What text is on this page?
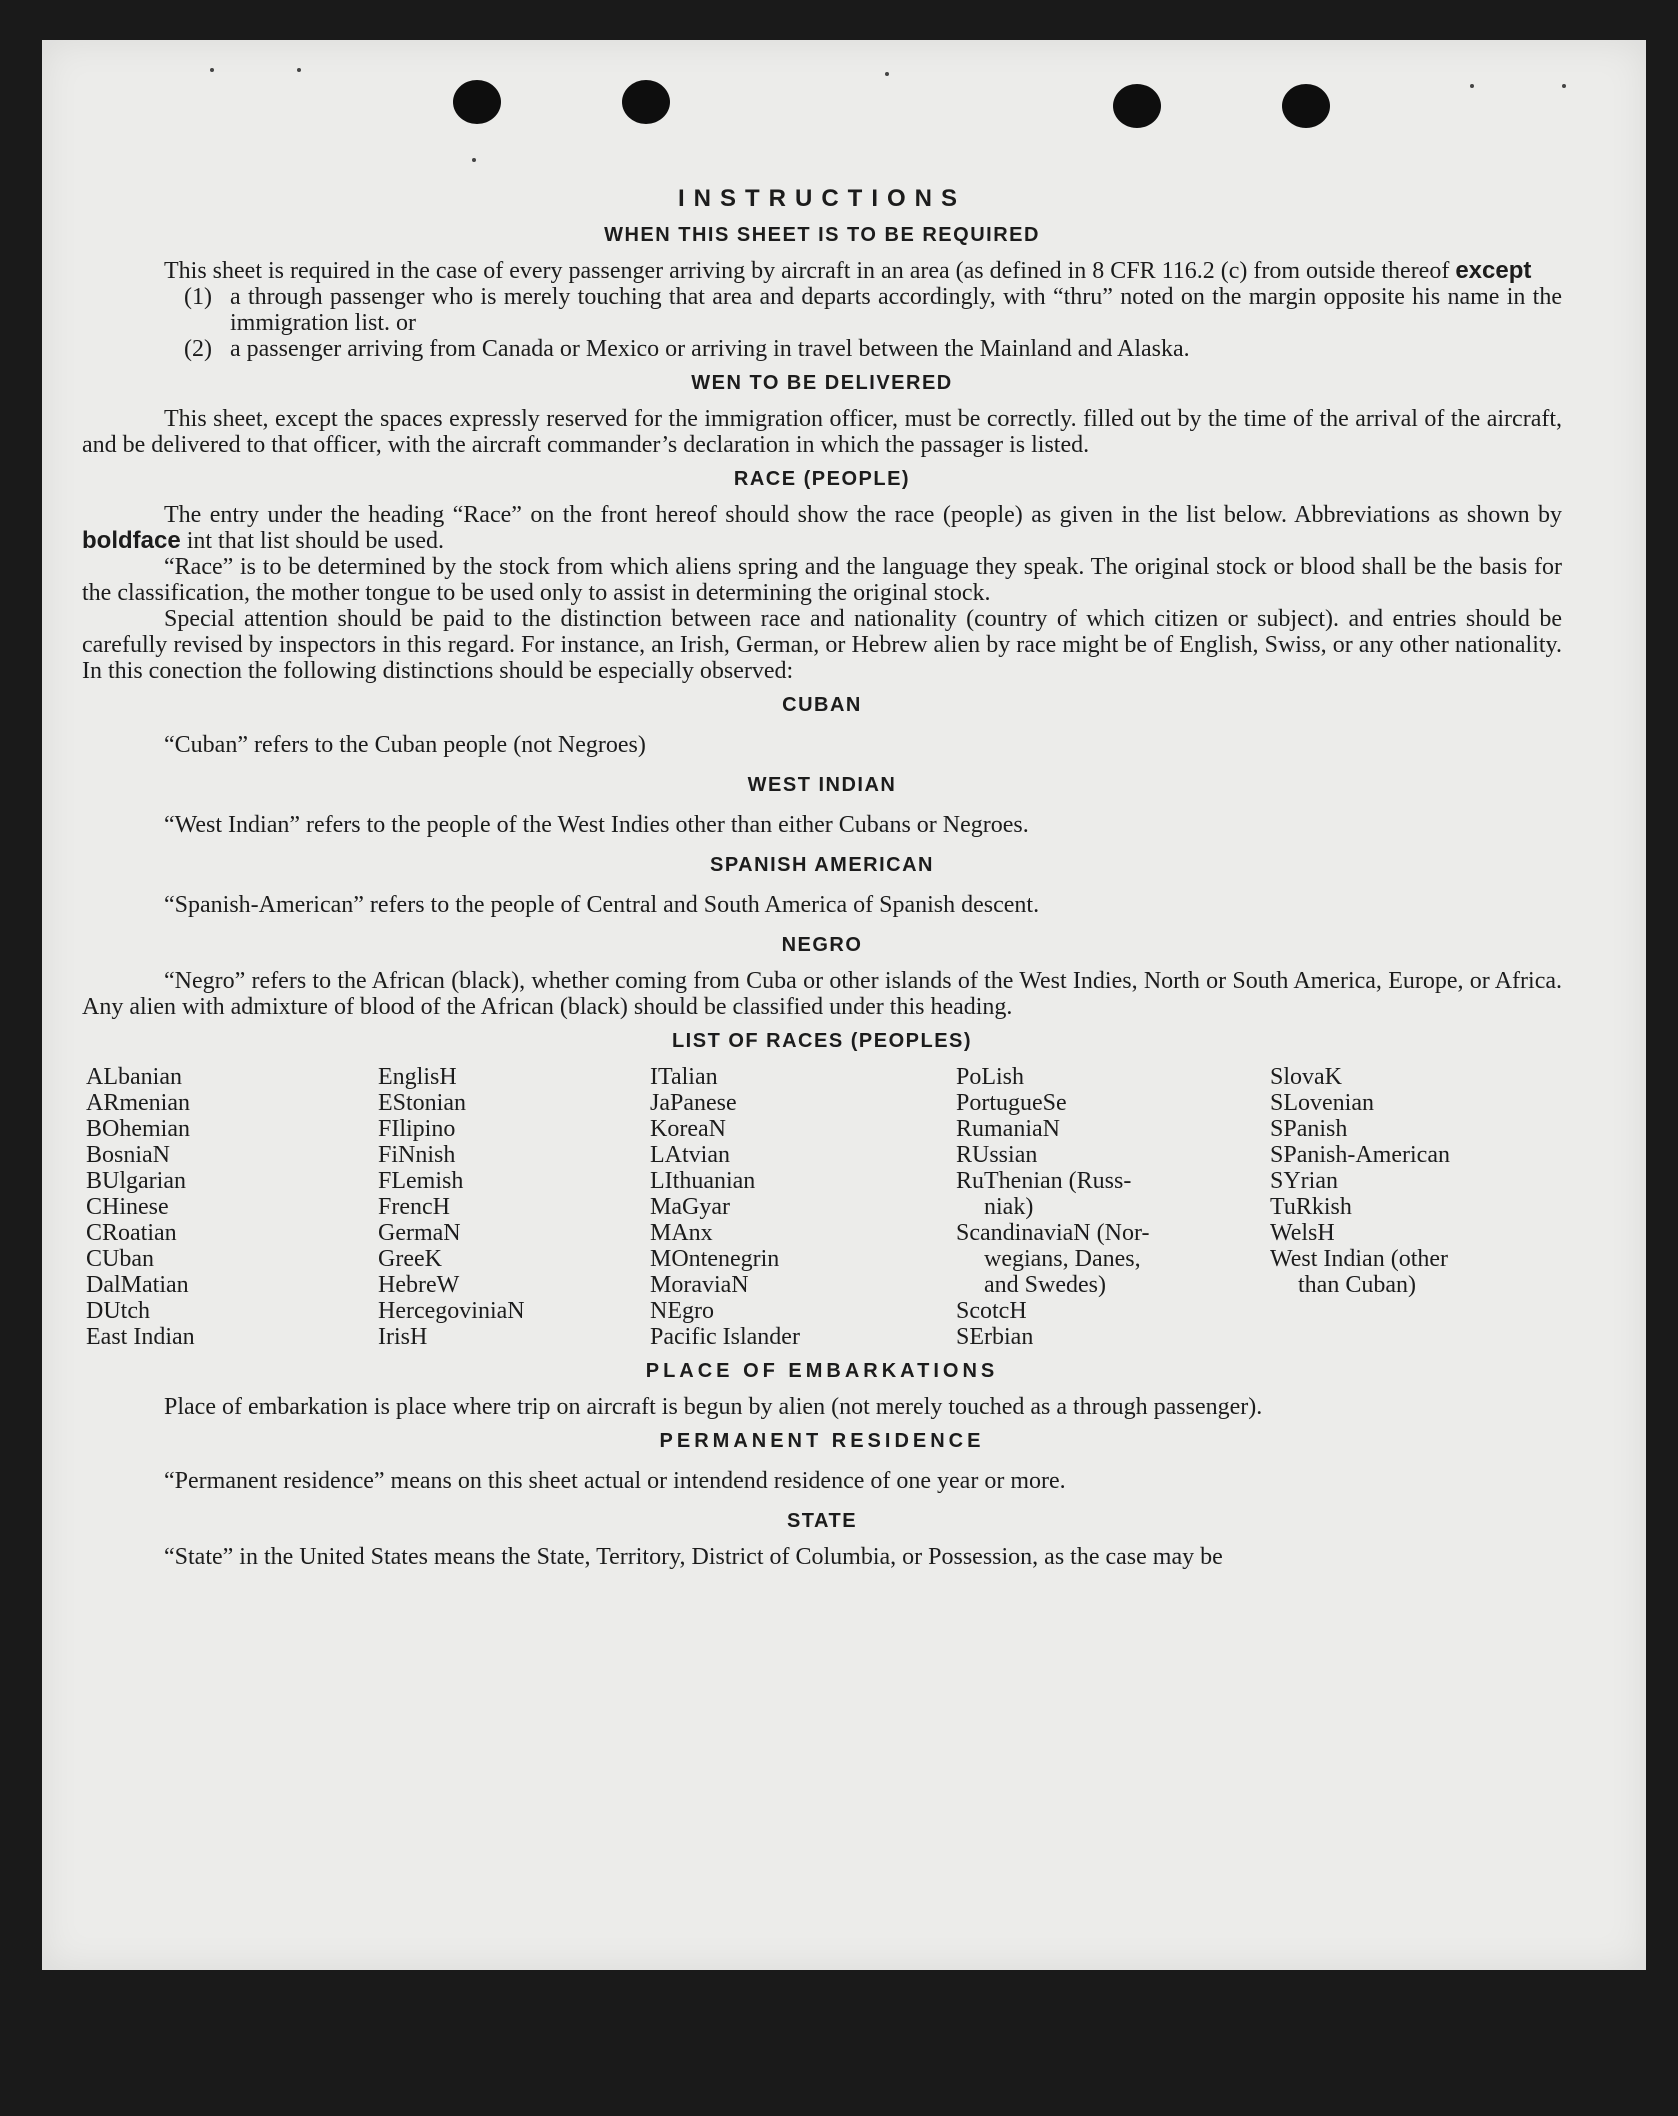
INSTRUCTIONS
WHEN THIS SHEET IS TO BE REQUIRED

This sheet is required in the case of every passenger arriving by aircraft in an area (as defined in 8 CFR 116.2 (c) from outside thereof except

(1) a through passenger who is merely touching that area and departs accordingly, with “thru” noted on the margin opposite his name in the immigration list. or
(2) a passenger arriving from Canada or Mexico or arriving in travel between the Mainland and Alaska.
WEN TO BE DELIVERED

This sheet, except the spaces expressly reserved for the immigration officer, must be correctly. filled out by the time of the arrival of the aircraft, and be delivered to that officer, with the aircraft commander’s declaration in which the passager is listed.

RACE (PEOPLE)

The entry under the heading “Race” on the front hereof should show the race (people) as given in the list below. Abbreviations as shown by boldface int that list should be used.

“Race” is to be determined by the stock from which aliens spring and the language they speak. The original stock or blood shall be the basis for the classification, the mother tongue to be used only to assist in determining the original stock.

Special attention should be paid to the distinction between race and nationality (country of which citizen or subject). and entries should be carefully revised by inspectors in this regard. For instance, an Irish, German, or Hebrew alien by race might be of English, Swiss, or any other nationality. In this conection the following distinctions should be especially observed:

CUBAN

“Cuban” refers to the Cuban people (not Negroes)

WEST INDIAN

“West Indian” refers to the people of the West Indies other than either Cubans or Negroes.

SPANISH AMERICAN

“Spanish-American” refers to the people of Central and South America of Spanish descent.

NEGRO

“Negro” refers to the African (black), whether coming from Cuba or other islands of the West Indies, North or South America, Europe, or Africa. Any alien with admixture of blood of the African (black) should be classified under this heading.

LIST OF RACES (PEOPLES)
ALbanian
ARmenian
BOhemian
BosniaN
BUlgarian
CHinese
CRoatian
CUban
DalMatian
DUtch
East Indian
EnglisH
EStonian
FIlipino
FiNnish
FLemish
FrencH
GermaN
GreeK
HebreW
HercegoviniaN
IrisH
ITalian
JaPanese
KoreaN
LAtvian
LIthuanian
MaGyar
MAnx
MOntenegrin
MoraviaN
NEgro
Pacific Islander
PoLish
PortugueSe
RumaniaN
RUssian
RuThenian (Russ-
niak)
ScandinaviaN (Nor-
wegians, Danes,
and Swedes)
ScotcH
SErbian
SlovaK
SLovenian
SPanish
SPanish-American
SYrian
TuRkish
WelsH
West Indian (other
than Cuban)
PLACE OF EMBARKATIONS

Place of embarkation is place where trip on aircraft is begun by alien (not merely touched as a through passenger).

PERMANENT RESIDENCE

“Permanent residence” means on this sheet actual or intendend residence of one year or more.

STATE

“State” in the United States means the State, Territory, District of Columbia, or Possession, as the case may be
